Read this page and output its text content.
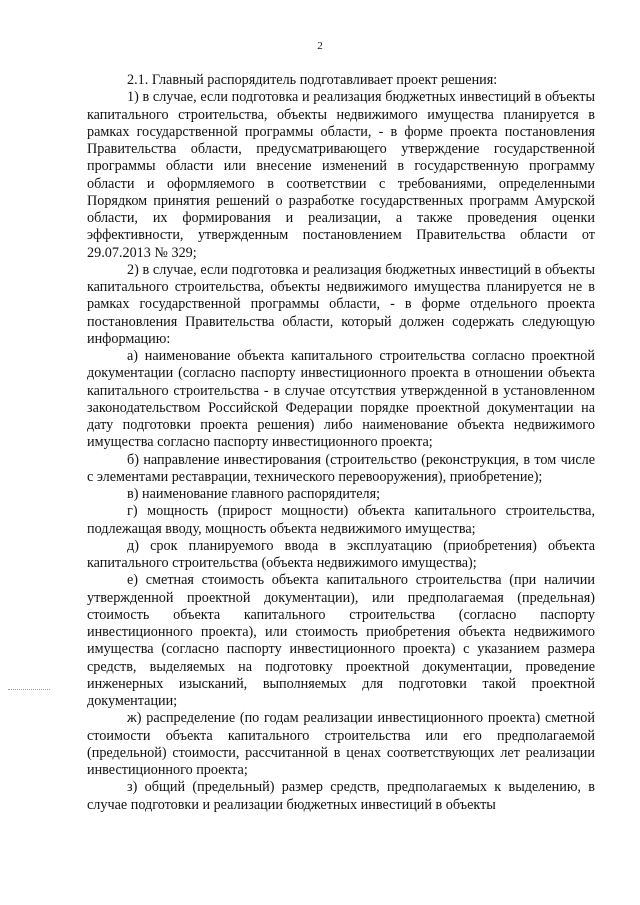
2

2.1. Главный распорядитель подготавливает проект решения:

1) в случае, если подготовка и реализация бюджетных инвестиций в объекты капитального строительства, объекты недвижимого имущества планируется в рамках государственной программы области, - в форме проекта постановления Правительства области, предусматривающего утверждение государственной программы области или внесение изменений в государственную программу области и оформляемого в соответствии с требованиями, определенными Порядком принятия решений о разработке государственных программ Амурской области, их формирования и реализации, а также проведения оценки эффективности, утвержденным постановлением Правительства области от 29.07.2013 № 329;

2) в случае, если подготовка и реализация бюджетных инвестиций в объекты капитального строительства, объекты недвижимого имущества планируется не в рамках государственной программы области, - в форме отдельного проекта постановления Правительства области, который должен содержать следующую информацию:

а) наименование объекта капитального строительства согласно проектной документации (согласно паспорту инвестиционного проекта в отношении объекта капитального строительства - в случае отсутствия утвержденной в установленном законодательством Российской Федерации порядке проектной документации на дату подготовки проекта решения) либо наименование объекта недвижимого имущества согласно паспорту инвестиционного проекта;

б) направление инвестирования (строительство (реконструкция, в том числе с элементами реставрации, технического перевооружения), приобретение);

в) наименование главного распорядителя;

г) мощность (прирост мощности) объекта капитального строительства, подлежащая вводу, мощность объекта недвижимого имущества;

д) срок планируемого ввода в эксплуатацию (приобретения) объекта капитального строительства (объекта недвижимого имущества);

е) сметная стоимость объекта капитального строительства (при наличии утвержденной проектной документации), или предполагаемая (предельная) стоимость объекта капитального строительства (согласно паспорту инвестиционного проекта), или стоимость приобретения объекта недвижимого имущества (согласно паспорту инвестиционного проекта) с указанием размера средств, выделяемых на подготовку проектной документации, проведение инженерных изысканий, выполняемых для подготовки такой проектной документации;

ж) распределение (по годам реализации инвестиционного проекта) сметной стоимости объекта капитального строительства или его предполагаемой (предельной) стоимости, рассчитанной в ценах соответствующих лет реализации инвестиционного проекта;

з) общий (предельный) размер средств, предполагаемых к выделению, в случае подготовки и реализации бюджетных инвестиций в объекты
